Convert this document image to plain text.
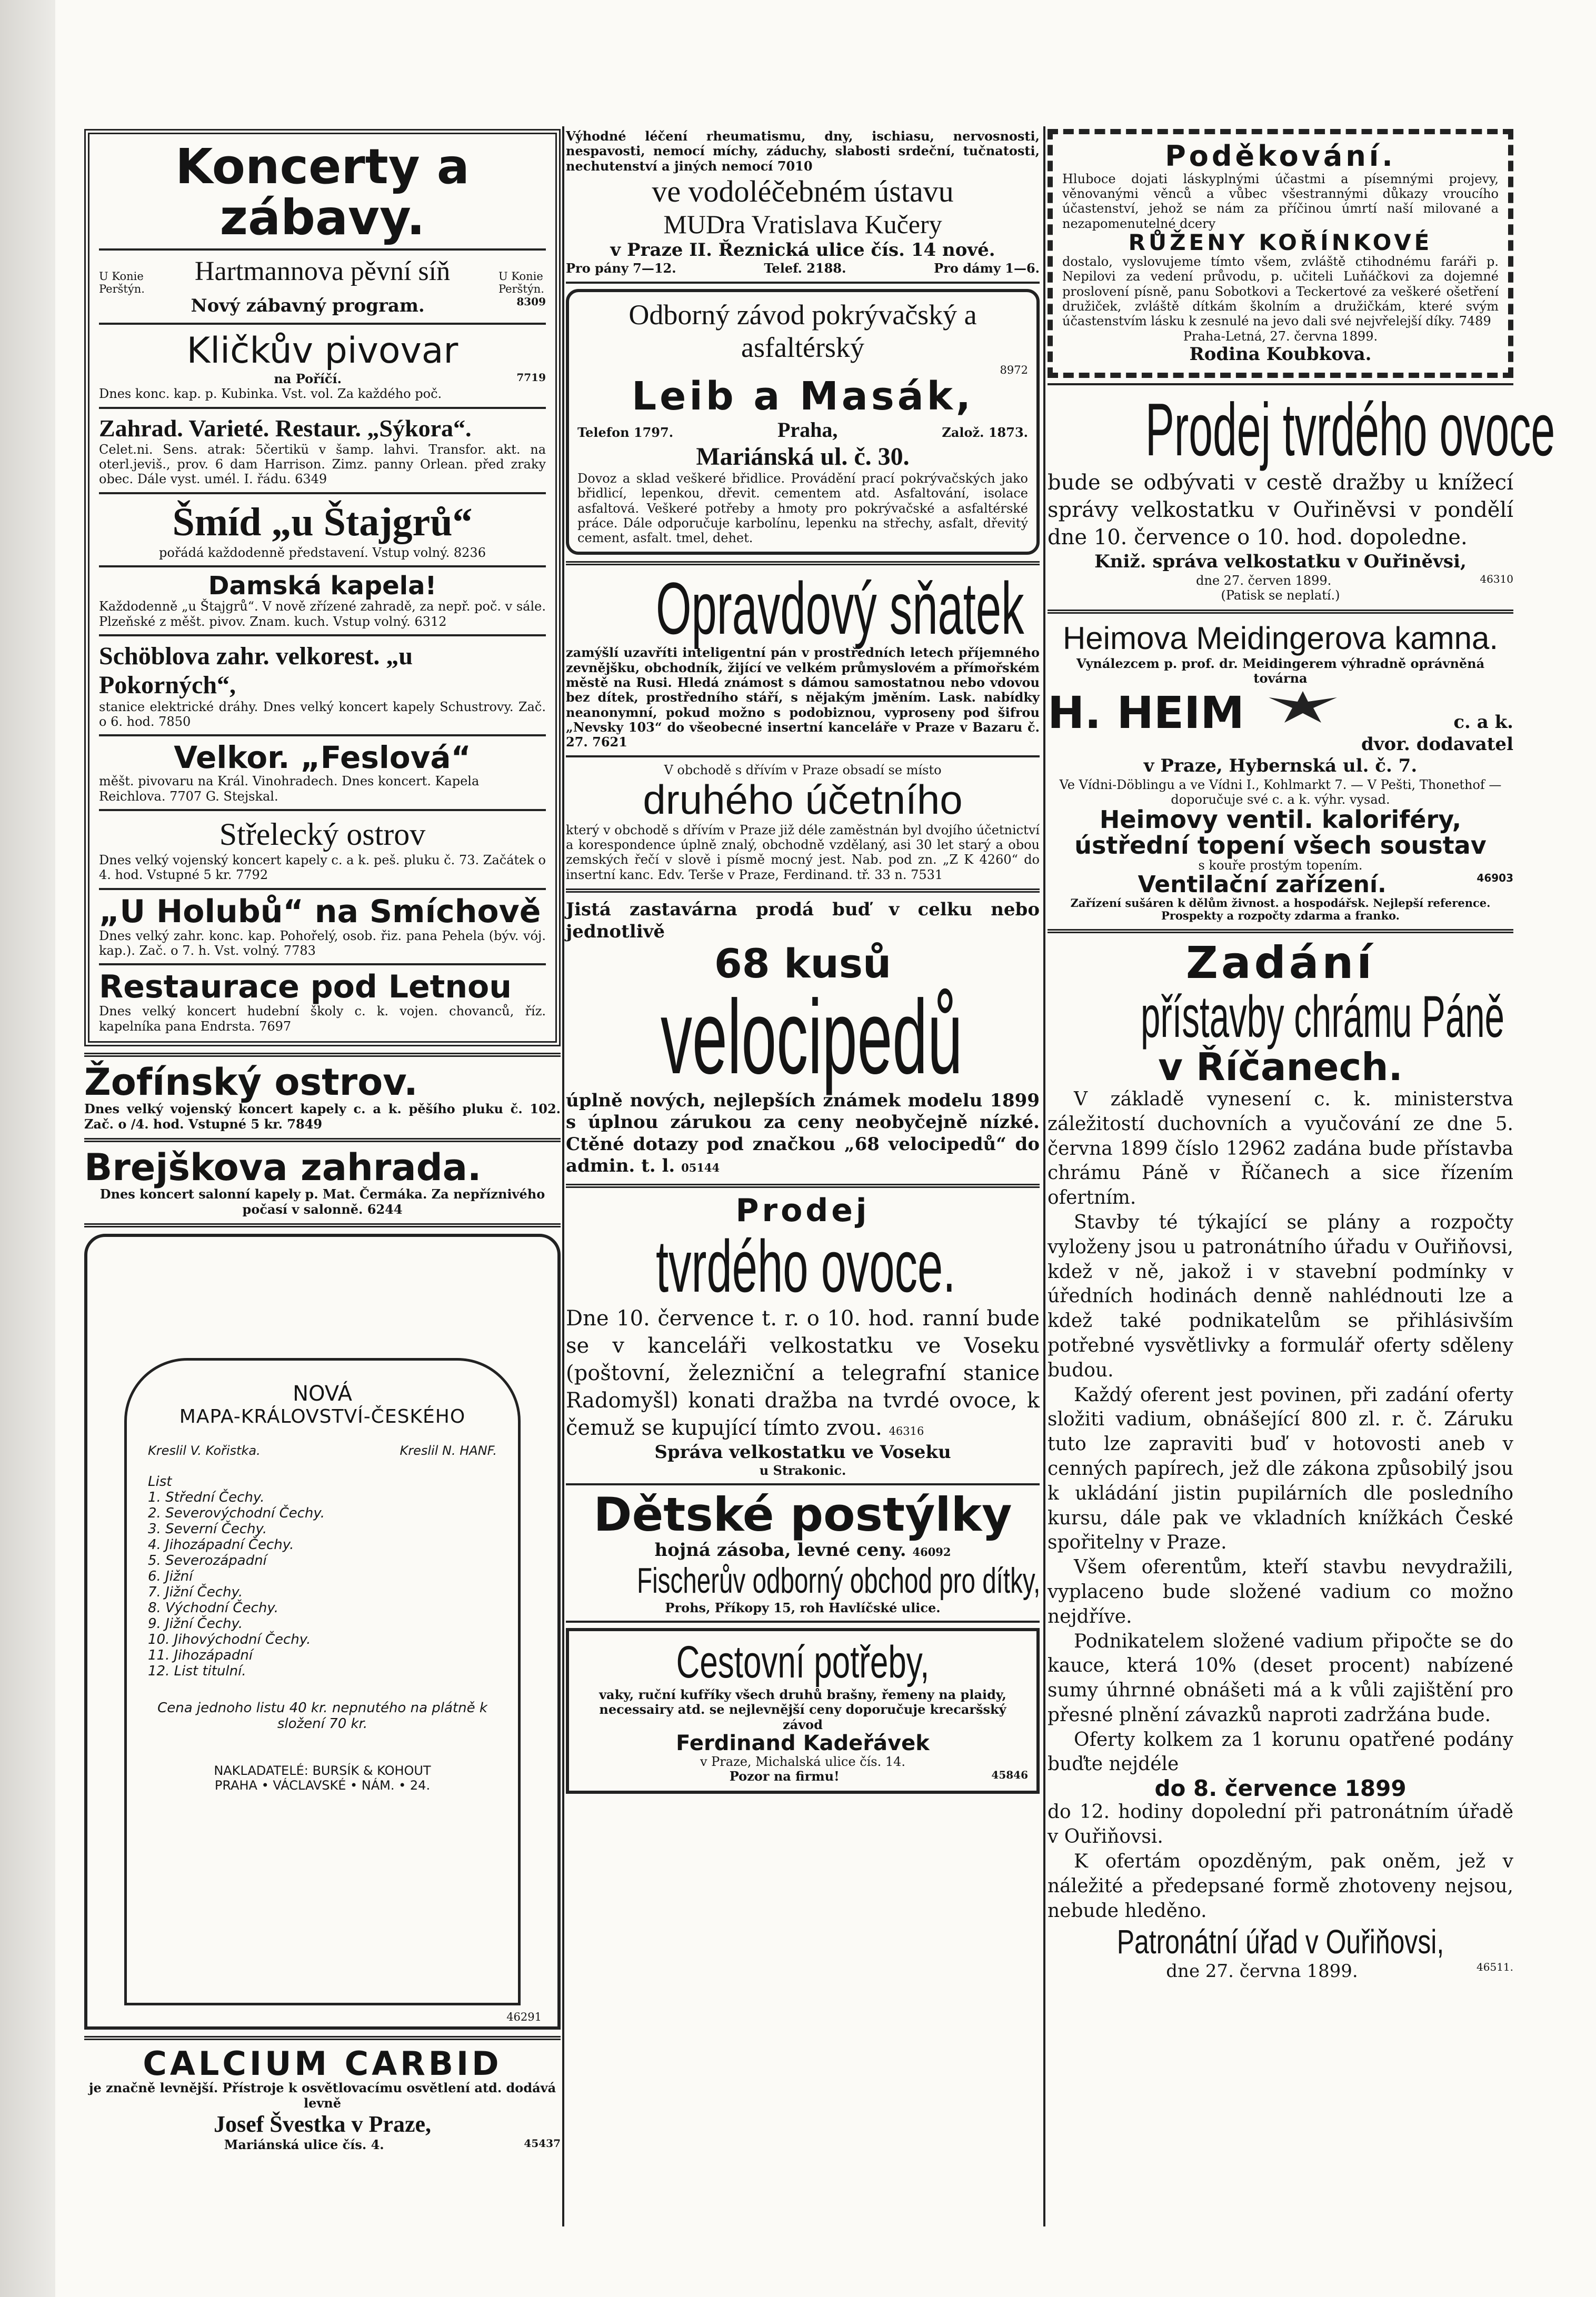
Koncerty a zábavy.
U Konie Perštýn.
Hartmannova pěvní síň	U Konie Perštýn.
Nový zábavný program.	8309
Kličkův pivovar
na Poříčí.	7719
Dnes konc. kap. p. Kubinka. Vst. vol. Za každého poč.
Zahrad. Varieté. Restaur. „Sýkora“.
Celet.ni. Sens. atrak: 5čertikü v šamp. lahvi. Transfor. akt. na oterl.jeviš., prov. 6 dam Harrison. Zimz. panny Orlean. před zraky obec. Dále vyst. umél. I. řádu. 6349
Šmíd „u Štajgrů“
pořádá každodenně představení. Vstup volný. 8236
Damská kapela!
Každodenně „u Štajgrů“. V nově zřízené zahradě, za nepř. poč. v sále. Plzeňské z měšt. pivov. Znam. kuch. Vstup volný. 6312
Schöblova zahr. velkorest. „u Pokorných“,
stanice elektrické dráhy. Dnes velký koncert kapely Schustrovy. Zač. o 6. hod. 7850
Velkor. „Feslová“
měšt. pivovaru na Král. Vinohradech. Dnes koncert. Kapela Reichlova. 7707 G. Stejskal.
Střelecký ostrov
Dnes velký vojenský koncert kapely c. a k. peš. pluku č. 73. Začátek o 4. hod. Vstupné 5 kr. 7792
„U Holubů“ na Smíchově
Dnes velký zahr. konc. kap. Pohořelý, osob. řiz. pana Pehela (býv. vój. kap.). Zač. o 7. h. Vst. volný. 7783
Restaurace pod Letnou
Dnes velký koncert hudební školy c. k. vojen. chovanců, říz. kapelníka pana Endrsta. 7697
Žofínský ostrov.
Dnes velký vojenský koncert kapely c. a k. pěšího pluku č. 102. Zač. o /4. hod. Vstupné 5 kr. 7849
Brejškova zahrada.
Dnes koncert salonní kapely p. Mat. Čermáka. Za nepříznivého počasí v salonně. 6244
NOVÁ
MAPA-KRÁLOVSTVÍ-ČESKÉHO
Kreslil V. Kořistka.	Kreslil N. HANF.
List
1. Střední Čechy.
2. Severovýchodní Čechy.
3. Severní Čechy.
4. Jihozápadní Čechy.
5. Severozápadní
6. Jižní
7. Jižní Čechy.
8. Východní Čechy.
9. Jižní Čechy.
10. Jihovýchodní Čechy.
11. Jihozápadní
12. List titulní.
Cena jednoho listu 40 kr. nepnutého na plátně k složení 70 kr.
NAKLADATELÉ: BURSÍK & KOHOUT
PRAHA • VÁCLAVSKÉ • NÁM. • 24.
46291
CALCIUM CARBID
je značně levnější. Přístroje k osvětlovacímu osvětlení atd. dodává levně
Josef Švestka v Praze,
Mariánská ulice čís. 4.	45437
Výhodné léčení rheumatismu, dny, ischiasu, nervosnosti, nespavosti, nemocí míchy, záduchy, slabosti srdeční, tučnatosti, nechutenství a jiných nemocí 7010
ve vodoléčebném ústavu
MUDra Vratislava Kučery
v Praze II. Řeznická ulice čís. 14 nové.
Pro pány 7—12.	Telef. 2188.	Pro dámy 1—6.
Odborný závod pokrývačský a asfaltérský
8972
Leib a Masák,
Telefon 1797.	Praha,	Založ. 1873.
Mariánská ul. č. 30.
Dovoz a sklad veškeré břidlice. Provádění prací pokrývačských jako břidlicí, lepenkou, dřevit. cementem atd. Asfaltování, isolace asfaltová. Veškeré potřeby a hmoty pro pokrývačské a asfaltérské práce. Dále odporučuje karbolínu, lepenku na střechy, asfalt, dřevitý cement, asfalt. tmel, dehet.
Opravdový sňatek
zamýšlí uzavříti inteligentní pán v prostředních letech příjemného zevnějšku, obchodník, žijící ve velkém průmyslovém a přímořském městě na Rusi. Hledá známost s dámou samostatnou nebo vdovou bez dítek, prostředního stáří, s nějakým jměním. Lask. nabídky neanonymní, pokud možno s podobiznou, vyproseny pod šifrou „Nevsky 103“ do všeobecné insertní kanceláře v Praze v Bazaru č. 27. 7621
V obchodě s dřívím v Praze obsadí se místo
druhého účetního
který v obchodě s dřívím v Praze již déle zaměstnán byl dvojího účetnictví a korespondence úplně znalý, obchodně vzdělaný, asi 30 let starý a obou zemských řečí v slově i písmě mocný jest. Nab. pod zn. „Z K 4260“ do insertní kanc. Edv. Terše v Praze, Ferdinand. tř. 33 n. 7531
Jistá zastavárna prodá buď v celku nebo jednotlivě
68 kusů
velocipedů
úplně nových, nejlepších známek modelu 1899 s úplnou zárukou za ceny neobyčejně nízké. Ctěné dotazy pod značkou „68 velocipedů“ do admin. t. l. 05144
Prodej
tvrdého ovoce.
Dne 10. července t. r. o 10. hod. ranní bude se v kanceláři velkostatku ve Voseku (poštovní, železniční a telegrafní stanice Radomyšl) konati dražba na tvrdé ovoce, k čemuž se kupující tímto zvou. 46316
Správa velkostatku ve Voseku
u Strakonic.
Dětské postýlky
hojná zásoba, levné ceny. 46092
Fischerův odborný obchod pro dítky,
Prohs, Příkopy 15, roh Havlíčské ulice.
Cestovní potřeby,
vaky, ruční kufříky všech druhů brašny, řemeny na plaidy, necessairy atd. se nejlevnější ceny doporučuje krecaršský závod
Ferdinand Kadeřávek
v Praze, Michalská ulice čís. 14.
Pozor na firmu!	45846
Poděkování.
Hluboce dojati láskyplnými účastmi a písemnými projevy, věnovanými věnců a vůbec všestrannými důkazy vroucího účastenství, jehož se nám za příčinou úmrtí naší milované a nezapomenutelné dcery
RŮŽENY KOŘÍNKOVÉ
dostalo, vyslovujeme tímto všem, zvláště ctihodnému faráři p. Nepilovi za vedení průvodu, p. učiteli Luňáčkovi za dojemné proslovení písně, panu Sobotkovi a Teckertové za veškeré ošetření družiček, zvláště dítkám školním a družičkám, které svým účastenstvím lásku k zesnulé na jevo dali své nejvřelejší díky. 7489
Praha-Letná, 27. června 1899.
Rodina Koubkova.
Prodej tvrdého ovoce
bude se odbývati v cestě dražby u knížecí správy velkostatku v Ouřiněvsi v pondělí dne 10. července o 10. hod. dopoledne.
Kniž. správa velkostatku v Ouřiněvsi,
dne 27. červen 1899.	46310
(Patisk se neplatí.)
Heimova Meidingerova kamna.
Vynálezcem p. prof. dr. Meidingerem výhradně oprávněná továrna
H. HEIM	c. a k.
dvor. dodavatel
v Praze, Hybernská ul. č. 7.
Ve Vídni-Döblingu a ve Vídni I., Kohlmarkt 7. — V Pešti, Thonethof — doporučuje své c. a k. výhr. vysad.
Heimovy ventil. kaloriféry,
ústřední topení všech soustav
s kouře prostým topením.
Ventilační zařízení.	46903
Zařízení sušáren k dělům živnost. a hospodářsk. Nejlepší reference. Prospekty a rozpočty zdarma a franko.
Zadání
přístavby chrámu Páně
v Říčanech.
V základě vynesení c. k. ministerstva záležitostí duchovních a vyučování ze dne 5. června 1899 číslo 12962 zadána bude přístavba chrámu Páně v Říčanech a sice řízením ofertním.
Stavby té týkající se plány a rozpočty vyloženy jsou u patronátního úřadu v Ouřiňovsi, kdež v ně, jakož i v stavební podmínky v úředních hodinách denně nahlédnouti lze a kdež také podnikatelům se přihlásivším potřebné vysvětlivky a formulář oferty sděleny budou.
Každý oferent jest povinen, při zadání oferty složiti vadium, obnášející 800 zl. r. č. Záruku tuto lze zapraviti buď v hotovosti aneb v cenných papírech, jež dle zákona způsobilý jsou k ukládání jistin pupilárních dle posledního kursu, dále pak ve vkladních knížkách České spořitelny v Praze.
Všem oferentům, kteří stavbu nevydražili, vyplaceno bude složené vadium co možno nejdříve.
Podnikatelem složené vadium připočte se do kauce, která 10% (deset procent) nabízené sumy úhrnné obnášeti má a k vůli zajištění pro přesné plnění závazků naproti zadržána bude.
Oferty kolkem za 1 korunu opatřené podány buďte nejdéle
do 8. července 1899
do 12. hodiny dopolední při patronátním úřadě v Ouřiňovsi.
K ofertám opozděným, pak oněm, jež v náležité a předepsané formě zhotoveny nejsou, nebude hleděno.
Patronátní úřad v Ouřiňovsi,
dne 27. června 1899.	46511.
